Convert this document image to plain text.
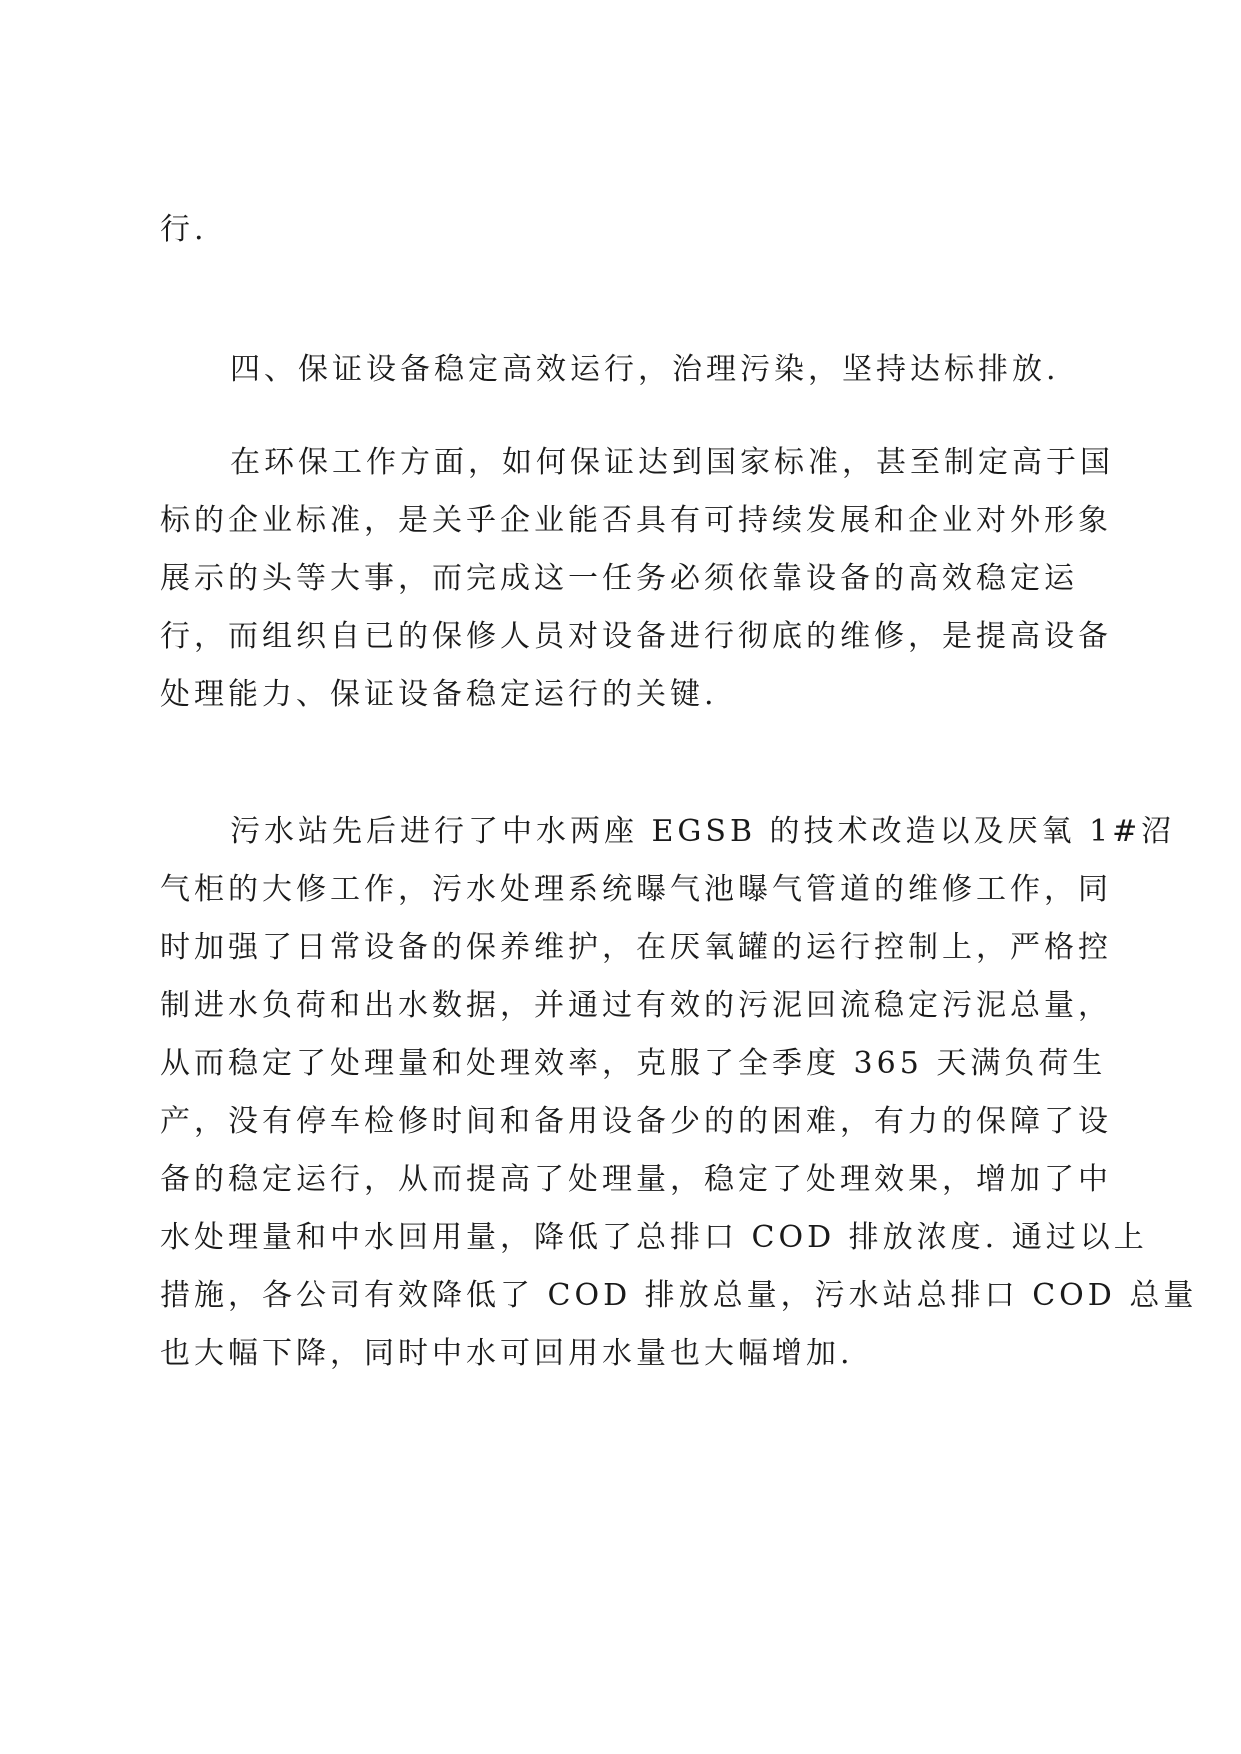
行.
四、保证设备稳定高效运行，治理污染，坚持达标排放.
在环保工作方面，如何保证达到国家标准，甚至制定高于国
标的企业标准，是关乎企业能否具有可持续发展和企业对外形象
展示的头等大事，而完成这一任务必须依靠设备的高效稳定运
行，而组织自已的保修人员对设备进行彻底的维修，是提高设备
处理能力、保证设备稳定运行的关键.
污水站先后进行了中水两座 EGSB 的技术改造以及厌氧 1#沼
气柜的大修工作，污水处理系统曝气池曝气管道的维修工作，同
时加强了日常设备的保养维护，在厌氧罐的运行控制上，严格控
制进水负荷和出水数据，并通过有效的污泥回流稳定污泥总量，
从而稳定了处理量和处理效率，克服了全季度 365 天满负荷生
产，没有停车检修时间和备用设备少的的困难，有力的保障了设
备的稳定运行，从而提高了处理量，稳定了处理效果，增加了中
水处理量和中水回用量，降低了总排口 COD 排放浓度. 通过以上
措施，各公司有效降低了 COD 排放总量，污水站总排口 COD 总量
也大幅下降，同时中水可回用水量也大幅增加.
